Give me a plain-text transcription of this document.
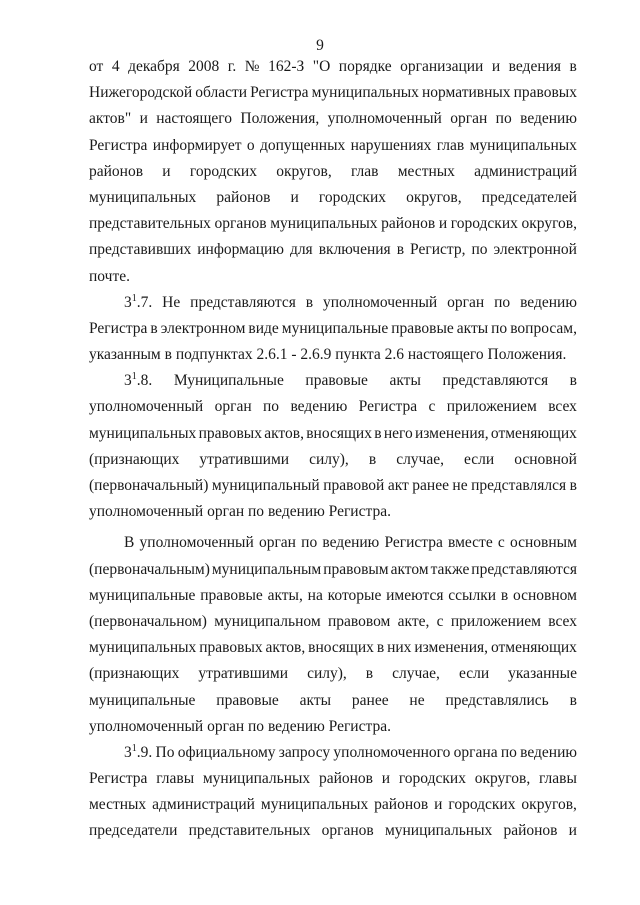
9
от 4 декабря 2008 г. № 162-З "О порядке организации и ведения в
Нижегородской области Регистра муниципальных нормативных правовых
актов" и настоящего Положения, уполномоченный орган по ведению
Регистра информирует о допущенных нарушениях глав муниципальных
районов и городских округов, глав местных администраций
муниципальных районов и городских округов, председателей
представительных органов муниципальных районов и городских округов,
представивших информацию для включения в Регистр, по электронной
почте.
$3^1.7$. Не представляются в уполномоченный орган по ведению
Регистра в электронном виде муниципальные правовые акты по вопросам,
указанным в подпунктах 2.6.1 - 2.6.9 пункта 2.6 настоящего Положения.
$3^1.8$. Муниципальные правовые акты представляются в
уполномоченный орган по ведению Регистра с приложением всех
муниципальных правовых актов, вносящих в него изменения, отменяющих
(признающих утратившими силу), в случае, если основной
(первоначальный) муниципальный правовой акт ранее не представлялся в
уполномоченный орган по ведению Регистра.
В уполномоченный орган по ведению Регистра вместе с основным
(первоначальным) муниципальным правовым актом также представляются
муниципальные правовые акты, на которые имеются ссылки в основном
(первоначальном) муниципальном правовом акте, с приложением всех
муниципальных правовых актов, вносящих в них изменения, отменяющих
(признающих утратившими силу), в случае, если указанные
муниципальные правовые акты ранее не представлялись в
уполномоченный орган по ведению Регистра.
$3^1.9$. По официальному запросу уполномоченного органа по ведению
Регистра главы муниципальных районов и городских округов, главы
местных администраций муниципальных районов и городских округов,
председатели представительных органов муниципальных районов и
